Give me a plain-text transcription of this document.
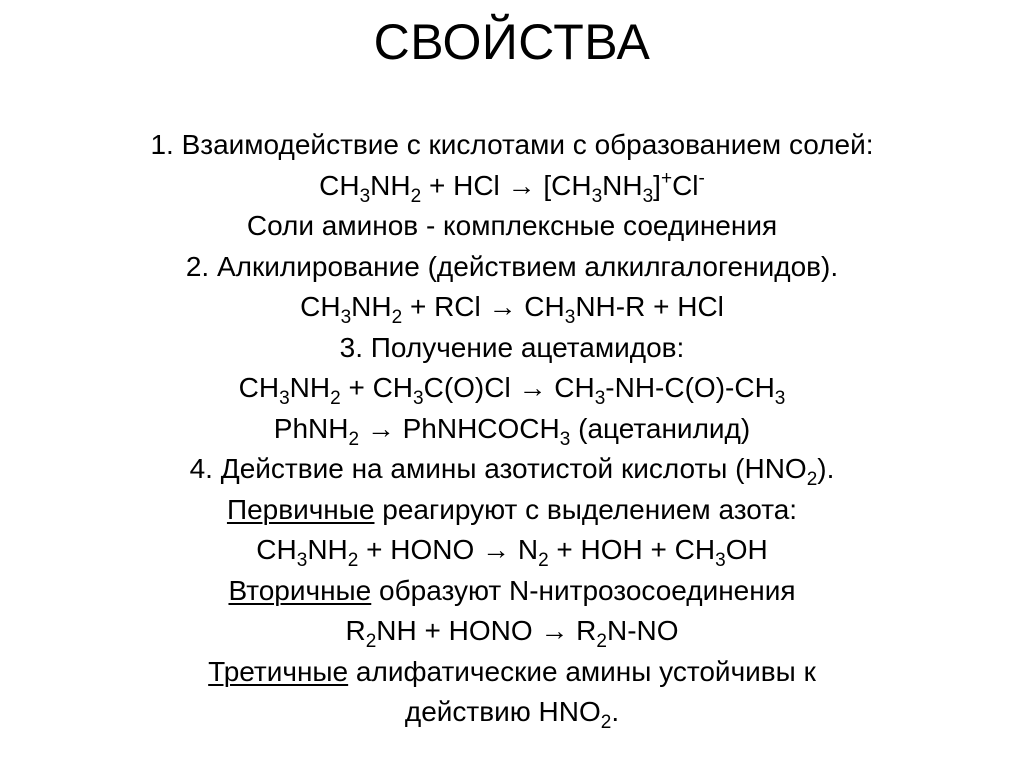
СВОЙСТВА
1. Взаимодействие с кислотами с образованием солей:
$CH_3NH_2$ + HCl → $[CH_3NH_3]^+Cl^-$
Соли аминов - комплексные соединения
2. Алкилирование (действием алкилгалогенидов).
$CH_3NH_2$ + RCl → $CH_3NH-R$ + HCl
3. Получение ацетамидов:
$CH_3NH_2 + CH_3C(O)Cl \to CH_3-NH-C(O)-CH_3$
PhNH$_2$ → PhNHCOCH$_3$ (ацетанилид)
4. Действие на амины азотистой кислоты $(HNO_2)$.
Первичные реагируют с выделением азота:
$CH_3NH_2$ + HONO → $N_2$ + HOH + $CH_3OH$
Вторичные образуют N-нитрозосоединения
$R_2NH$ + HONO → $R_2N-NO$
Третичные алифатические амины устойчивы к
действию $HNO_2$.
